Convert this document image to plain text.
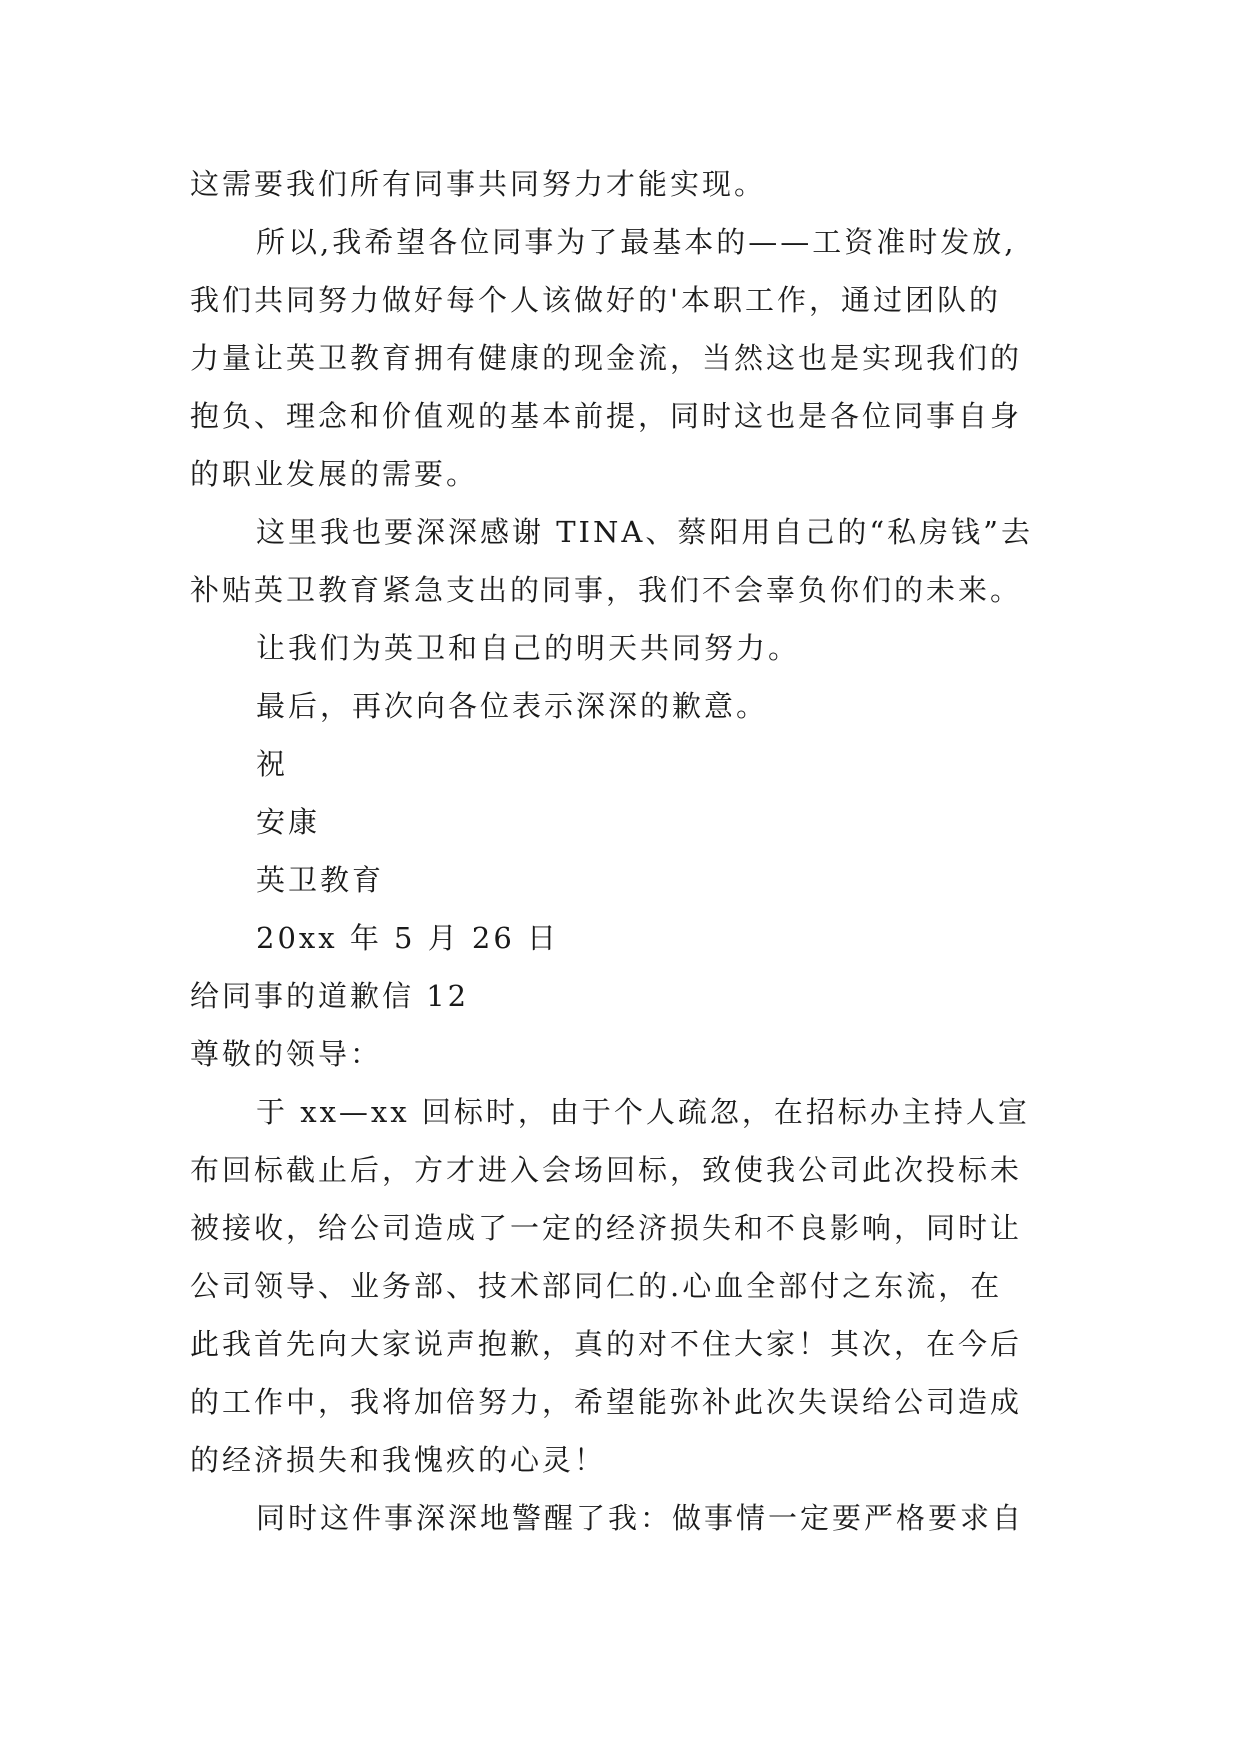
这需要我们所有同事共同努力才能实现。
所以,我希望各位同事为了最基本的——工资准时发放,
我们共同努力做好每个人该做好的'本职工作，通过团队的
力量让英卫教育拥有健康的现金流，当然这也是实现我们的
抱负、理念和价值观的基本前提，同时这也是各位同事自身
的职业发展的需要。
这里我也要深深感谢 TINA、蔡阳用自己的“私房钱”去
补贴英卫教育紧急支出的同事，我们不会辜负你们的未来。
让我们为英卫和自己的明天共同努力。
最后，再次向各位表示深深的歉意。
祝
安康
英卫教育
20xx 年 5 月 26 日
给同事的道歉信 12
尊敬的领导：
于 xx—xx 回标时，由于个人疏忽，在招标办主持人宣
布回标截止后，方才进入会场回标，致使我公司此次投标未
被接收，给公司造成了一定的经济损失和不良影响，同时让
公司领导、业务部、技术部同仁的.心血全部付之东流，在
此我首先向大家说声抱歉，真的对不住大家！其次，在今后
的工作中，我将加倍努力，希望能弥补此次失误给公司造成
的经济损失和我愧疚的心灵！
同时这件事深深地警醒了我：做事情一定要严格要求自
